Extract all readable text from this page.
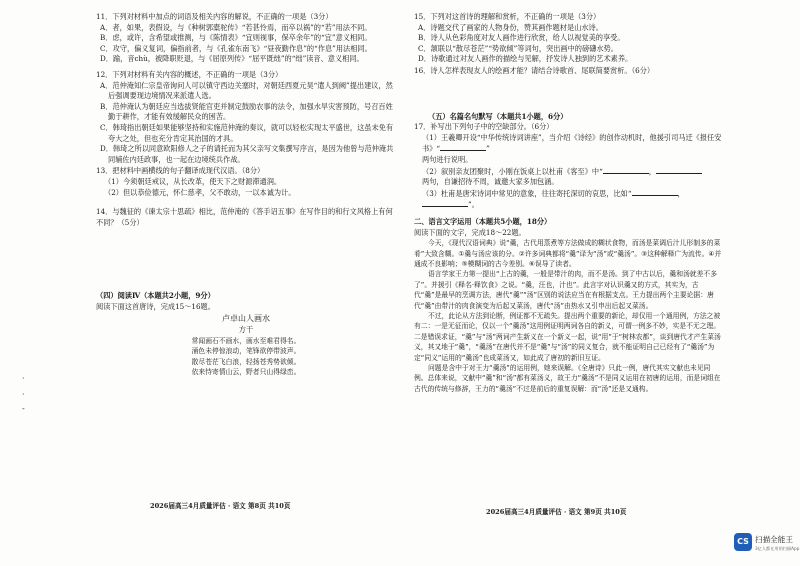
·
·
-
11．下列对材料中加点的词语及相关内容的解说，不正确的一项是（3分）
A．者，如果，表假设，与《种树郭橐驼传》“若甚怜焉，而卒以祸”的“若”用法不同。
B．虑，或许，含希望或推测，与《陈情表》“宜则视事，保卒余年”的“宜”意义相同。
C．攻守，偏义复词，偏指前者，与《孔雀东南飞》“昼夜勤作息”的“作息”用法相同。
D．踰，音chù，被降职贬退，与《屈原列传》“屈平既绌”的“绌”读音、意义相同。
12．下列对材料有关内容的概述，不正确的一项是（3分）
A．范仲淹知仁宗皇帝询问人可以镇守西边关塞时，对朝廷西夏元昊“遣人到阙”提出建议，然后强调要现边境情况来派遣人选。
B．范仲淹认为朝廷应当选拔贤能官吏并制定鼓励农事的法令，加强水旱灾害预防，号召百姓勤于耕作，才能有效缓解民众的困苦。
C．韩琦指出朝廷如果能够坚持和实施范仲淹的奏议，就可以轻松实现太平盛世，这虽未免有夸大之处，但也充分肯定其治国的才具。
D．韩琦之所以同意欧阳修人之子的请托而为其父亲写文集撰写序言，是因为他曾与范仲淹共同辅佐内廷政事，也一起在边境统兵作战。
13．把材料中画横线的句子翻译成现代汉语。（8分）
（1）今须朝廷戒议，从长改革，使天下之财源滞通润。
（2）但以恭俭德元，怀仁慈孝，父不敢动，一以本诚为计。
14．与魏征的《谏太宗十思疏》相比，范仲淹的《答手诏五事》在写作目的和行文风格上有何不同？（5分）
（四）阅读Ⅳ（本题共2小题，9分）
阅读下面这首唐诗，完成15～16题。
卢卓山人画水
方干
常闻画石不画水，画水至难君得名。
涌色未停惊浪动，笔锋欲停带波声。
散尽苍茫飞白浪，轻扬苍秀势欲倾。
依来恃寄情山云，野者只山得绿峦。
2026届高三4月质量评估 · 语文 第8页 共10页
15．下列对这首诗的理解和赏析，不正确的一项是（3分）
A．诗题交代了画家的人物身份，赞其画作题材是山水诗。
B．诗人从色彩角度对友人画作进行欣赏，给人以视觉美的享受。
C．颔联以“散尽苍茫”“势欲倾”等词句，突出画中的磅礴水势。
D．诗歌通过对友人画作的描绘与见解，抒发诗人独到的艺术素养。
16．诗人怎样表现友人的绘画才能？请结合诗歌首、尾联简要赏析。（6分）
（五）名篇名句默写（本题共1小题，6分）
17．补写出下列句子中的空缺部分。（6分）
（1）王羲卿开设“中华传统诗词讲座”，当介绍《诗经》的创作动机时，他援引司马迁《报任安书》“	”
两句进行说明。
（2）叙别亲友团聚时，小刚在饭桌上以杜甫《客至》中“	，
两句，自谦招待不周，诚邀大家多加包涵。
（3）杜甫是唐宋诗词中常见的意象，往往寄托深切的哀思，比如“	，”。
二、语言文字运用（本题共5小题，18分）
阅读下面的文字，完成18～22题。
今天，《现代汉语词典》说“羹，古代用蒸煮等方法做成的糊状食物，而汤是菜调后汁儿形制多的菜肴”大致含糊。①羹与汤应该的分。②许多词典都将“羹”译为“汤”或“羹汤”。③这种解释广为流传。④并通成不良影响；⑤模糊词的古今差别。⑥误导了读者。
语言学家王力第一提出“上古的羹，一般是带汁的肉，而不是汤。到了中古以后，羹和汤就差不多了”。并援引《释名·释饮食》之说。“羹，汪也，汁也”。此言字对认识羹又的方式，其实为，古代“羹”是最早的烹调方法，唐代“羹”“汤”区别的说法应当在有根据支点。王力提出两个主要论据：唐代“羹”由带汁的肉食演变为后起又菜汤，唐代“汤”由热水又引申出后起又菜汤。
不过，此论从方法到论断，例证都不无疏失。提出两个重要的新论，却仅用一个通用例，方法之被有二：一是无征而论，仅以一个“羹汤”这用例证明两词各自的新义，可谓一例多不妙，实是不无之理。二是错误求证，“羹”与“汤”两词产生新义在一个新义一起，说“用”于“树林农都”，谈到唐代才产生菜汤义，其又地于“羹”，“羹汤”在唐代并不是“羹”与“汤”的同义复合，就不能证明自己已经有了“羹汤”为定“同义”运用的“羹汤”也成菜汤又，如此成了唐初的新旧互证。
问题是含中于对王力“羹汤”的运用例，她来误解。《全唐诗》只此一例，唐代其实文献也未见同例。总体来说，文献中“羹”和“汤”都有菜汤义，故王力“羹汤”不是同义运用在初唐的运用，而是词组在古代的传统与修辞，王力的“羹汤”不过是前后的重复误解：而“汤”还是又通构。
2026届高三4月质量评估 · 语文 第9页 共10页
CS 扫描全能王
3亿人都在用的扫描App
